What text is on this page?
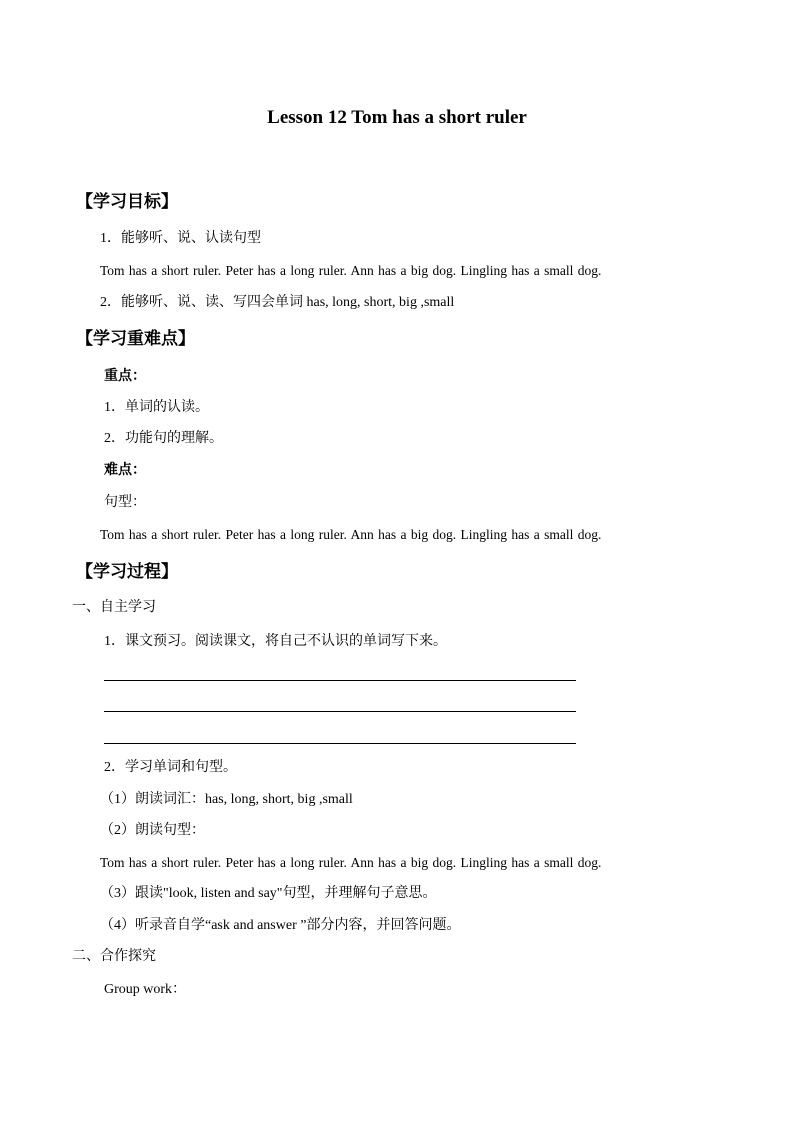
Lesson 12 Tom has a short ruler
【学习目标】
1．能够听、说、认读句型
Tom has a short ruler. Peter has a long ruler. Ann has a big dog. Lingling has a small dog.
2．能够听、说、读、写四会单词 has, long, short, big ,small
【学习重难点】
重点：
1．单词的认读。
2．功能句的理解。
难点：
句型：
Tom has a short ruler. Peter has a long ruler. Ann has a big dog. Lingling has a small dog.
【学习过程】
一、自主学习
1．课文预习。阅读课文，将自己不认识的单词写下来。
2．学习单词和句型。
（1）朗读词汇：has, long, short, big ,small
（2）朗读句型：
Tom has a short ruler. Peter has a long ruler. Ann has a big dog. Lingling has a small dog.
（3）跟读"look, listen and say"句型，并理解句子意思。
（4）听录音自学“ask and answer ”部分内容，并回答问题。
二、合作探究
Group work：
